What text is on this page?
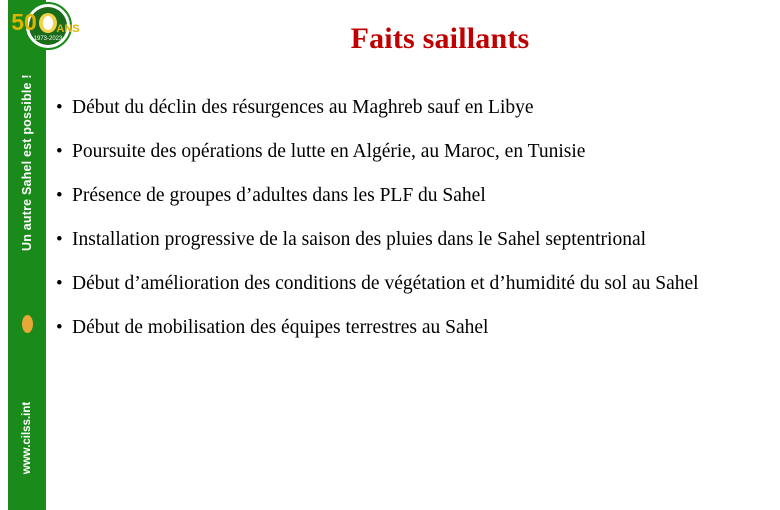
Un autre Sahel est possible !
www.cilss.int
1973-2023
50 ANS	Faits saillants
• Début du déclin des résurgences au Maghreb sauf en Libye
• Poursuite des opérations de lutte en Algérie, au Maroc, en Tunisie
• Présence de groupes d’adultes dans les PLF du Sahel
• Installation progressive de la saison des pluies dans le Sahel septentrional
• Début d’amélioration des conditions de végétation et d’humidité du sol au Sahel
• Début de mobilisation des équipes terrestres au Sahel
